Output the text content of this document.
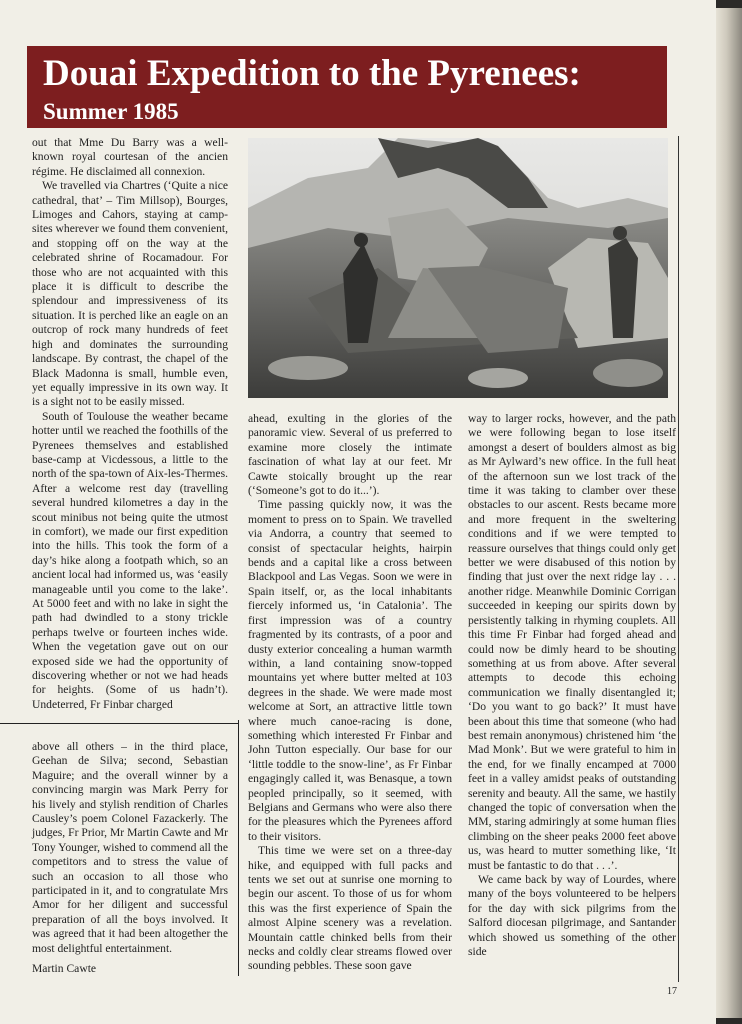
Douai Expedition to the Pyrenees:
Summer 1985

out that Mme Du Barry was a well-known royal courtesan of the ancien régime. He disclaimed all connexion.

We travelled via Chartres (‘Quite a nice cathedral, that’ – Tim Millsop), Bourges, Limoges and Cahors, staying at camp-sites wherever we found them convenient, and stopping off on the way at the celebrated shrine of Rocamadour. For those who are not acquainted with this place it is difficult to describe the splendour and impressiveness of its situation. It is perched like an eagle on an outcrop of rock many hundreds of feet high and dominates the surrounding landscape. By contrast, the chapel of the Black Madonna is small, humble even, yet equally impressive in its own way. It is a sight not to be easily missed.

South of Toulouse the weather became hotter until we reached the foothills of the Pyrenees themselves and established base-camp at Vicdessous, a little to the north of the spa-town of Aix-les-Thermes. After a welcome rest day (travelling several hundred kilometres a day in the scout minibus not being quite the utmost in comfort), we made our first expedition into the hills. This took the form of a day’s hike along a footpath which, so an ancient local had informed us, was ‘easily manageable until you come to the lake’. At 5000 feet and with no lake in sight the path had dwindled to a stony trickle perhaps twelve or fourteen inches wide. When the vegetation gave out on our exposed side we had the opportunity of discovering whether or not we had heads for heights. (Some of us hadn’t). Undeterred, Fr Finbar charged

ahead, exulting in the glories of the panoramic view. Several of us preferred to examine more closely the intimate fascination of what lay at our feet. Mr Cawte stoically brought up the rear (‘Someone’s got to do it...’).

Time passing quickly now, it was the moment to press on to Spain. We travelled via Andorra, a country that seemed to consist of spectacular heights, hairpin bends and a capital like a cross between Blackpool and Las Vegas. Soon we were in Spain itself, or, as the local inhabitants fiercely informed us, ‘in Catalonia’. The first impression was of a country fragmented by its contrasts, of a poor and dusty exterior concealing a human warmth within, a land containing snow-topped mountains yet where butter melted at 103 degrees in the shade. We were made most welcome at Sort, an attractive little town where much canoe-racing is done, something which interested Fr Finbar and John Tutton especially. Our base for our ‘little toddle to the snow-line’, as Fr Finbar engagingly called it, was Benasque, a town peopled principally, so it seemed, with Belgians and Germans who were also there for the pleasures which the Pyrenees afford to their visitors.

This time we were set on a three-day hike, and equipped with full packs and tents we set out at sunrise one morning to begin our ascent. To those of us for whom this was the first experience of Spain the almost Alpine scenery was a revelation. Mountain cattle chinked bells from their necks and coldly clear streams flowed over sounding pebbles. These soon gave

way to larger rocks, however, and the path we were following began to lose itself amongst a desert of boulders almost as big as Mr Aylward’s new office. In the full heat of the afternoon sun we lost track of the time it was taking to clamber over these obstacles to our ascent. Rests became more and more frequent in the sweltering conditions and if we were tempted to reassure ourselves that things could only get better we were disabused of this notion by finding that just over the next ridge lay . . . another ridge. Meanwhile Dominic Corrigan succeeded in keeping our spirits down by persistently talking in rhyming couplets. All this time Fr Finbar had forged ahead and could now be dimly heard to be shouting something at us from above. After several attempts to decode this echoing communication we finally disentangled it; ‘Do you want to go back?’ It must have been about this time that someone (who had best remain anonymous) christened him ‘the Mad Monk’. But we were grateful to him in the end, for we finally encamped at 7000 feet in a valley amidst peaks of outstanding serenity and beauty. All the same, we hastily changed the topic of conversation when the MM, staring admiringly at some human flies climbing on the sheer peaks 2000 feet above us, was heard to mutter something like, ‘It must be fantastic to do that . . .’.

We came back by way of Lourdes, where many of the boys volunteered to be helpers for the day with sick pilgrims from the Salford diocesan pilgrimage, and Santander which showed us something of the other side

above all others – in the third place, Geehan de Silva; second, Sebastian Maguire; and the overall winner by a convincing margin was Mark Perry for his lively and stylish rendition of Charles Causley’s poem Colonel Fazackerly. The judges, Fr Prior, Mr Martin Cawte and Mr Tony Younger, wished to commend all the competitors and to stress the value of such an occasion to all those who participated in it, and to congratulate Mrs Amor for her diligent and successful preparation of all the boys involved. It was agreed that it had been altogether the most delightful entertainment.

Martin Cawte
17
